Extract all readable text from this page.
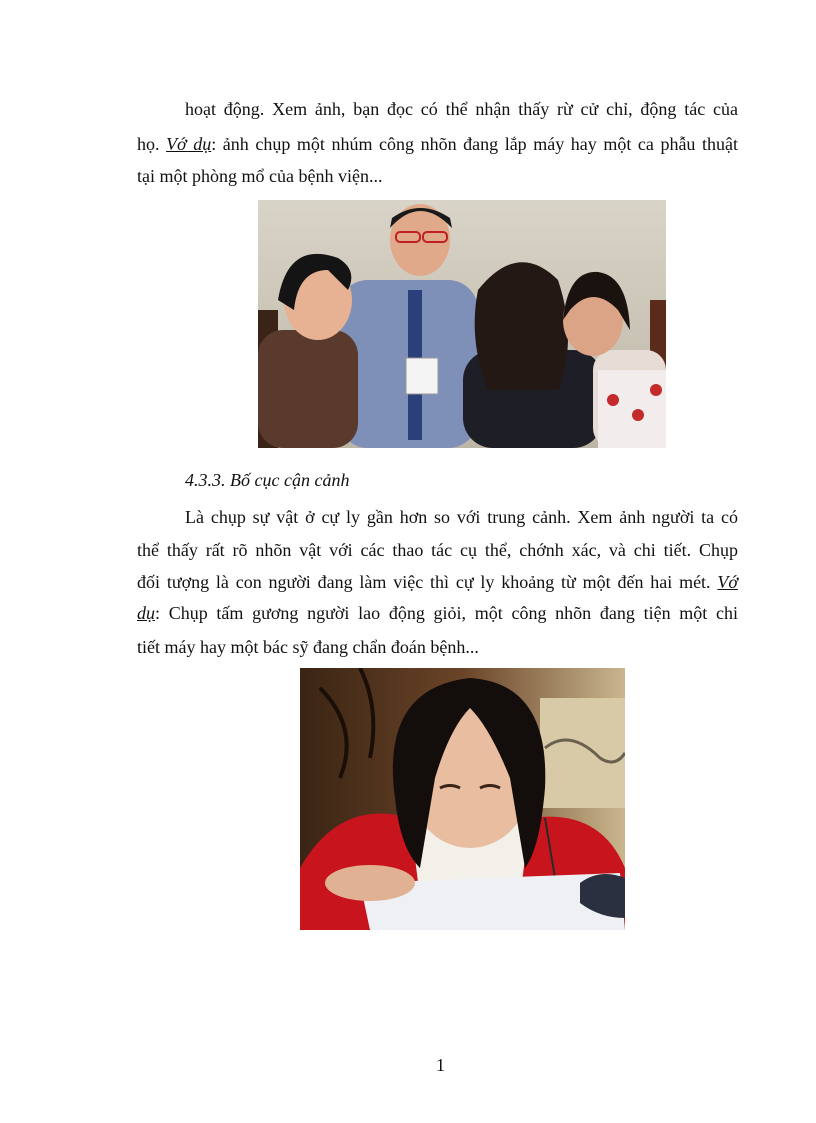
hoạt động. Xem ảnh, bạn đọc có thể nhận thấy rừ cử chỉ, động tác của
họ. Vớ dụ: ảnh chụp một nhúm công nhõn đang lắp máy hay một ca phẫu thuật
tại một phòng mổ của bệnh viện...
4.3.3. Bố cục cận cảnh
Là chụp sự vật ở cự ly gần hơn so với trung cảnh. Xem ảnh người ta có
thể thấy rất rõ nhõn vật với các thao tác cụ thể, chớnh xác, và chi tiết. Chụp
đối tượng là con người đang làm việc thì cự ly khoảng từ một đến hai mét. Vớ
dụ: Chụp tấm gương người lao động giỏi, một công nhõn đang tiện một chi
tiết máy hay một bác sỹ đang chẩn đoán bệnh...
1
